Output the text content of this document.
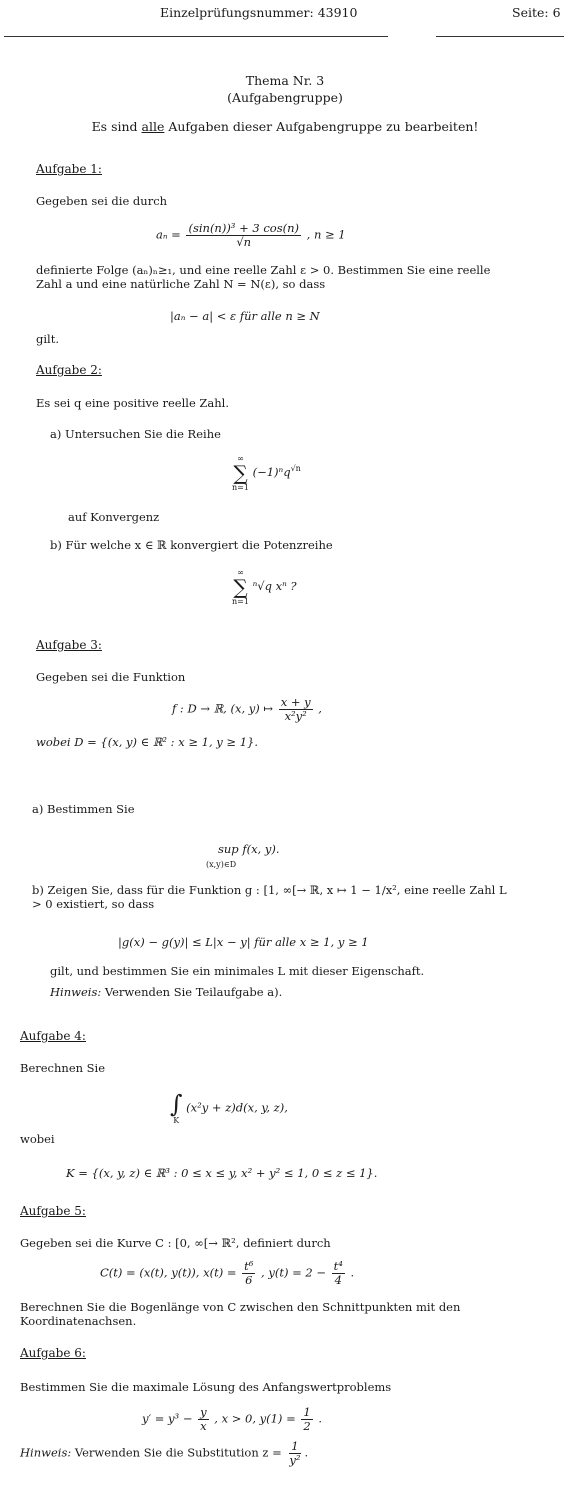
Einzelprüfungsnummer: 43910	Seite: 6
Thema Nr. 3
(Aufgabengruppe)
Es sind alle Aufgaben dieser Aufgabengruppe zu bearbeiten!
Aufgabe 1:
Gegeben sei die durch
$a_n = \frac{\text{(sin(n))³ + 3 cos(n)}}{√n}$ , n ≥ 1
definierte Folge (aₙ)ₙ≥₁, und eine reelle Zahl ε > 0. Bestimmen Sie eine reelle Zahl a und eine natürliche Zahl N = N(ε), so dass
|aₙ − a| < ε für alle n ≥ N
gilt.
Aufgabe 2:
Es sei q eine positive reelle Zahl.
a) Untersuchen Sie die Reihe
∞
∑
n=1
(−1)ⁿq$^{√n}$
auf Konvergenz
b) Für welche x ∈ ℝ konvergiert die Potenzreihe
∞
∑
n=1
ⁿ√q xⁿ ?
Aufgabe 3:
Gegeben sei die Funktion
f : D → ℝ, (x, y) ↦ $\frac{x + y}{\text{x²y²}}$ ,
wobei D = {(x, y) ∈ ℝ² : x ≥ 1, y ≥ 1}.
a) Bestimmen Sie
sup f(x, y).
(x,y)∈D
b) Zeigen Sie, dass für die Funktion g : [1, ∞[→ ℝ, x ↦ 1 − 1/x², eine reelle Zahl L > 0 existiert, so dass
|g(x) − g(y)| ≤ L|x − y| für alle x ≥ 1, y ≥ 1
gilt, und bestimmen Sie ein minimales L mit dieser Eigenschaft.
Hinweis: Verwenden Sie Teilaufgabe a).
Aufgabe 4:
Berechnen Sie
∫
K
(x²y + z)d(x, y, z),
wobei
K = {(x, y, z) ∈ ℝ³ : 0 ≤ x ≤ y, x² + y² ≤ 1, 0 ≤ z ≤ 1}.
Aufgabe 5:
Gegeben sei die Kurve C : [0, ∞[→ ℝ², definiert durch
C(t) = (x(t), y(t)), $x(t) = \frac{\text{t⁶}}{6}$ , $y(t) = 2 - \frac{\text{t⁴}}{4}$ .
Berechnen Sie die Bogenlänge von C zwischen den Schnittpunkten mit den Koordinatenachsen.
Aufgabe 6:
Bestimmen Sie die maximale Lösung des Anfangswertproblems
$y' = y^3 - \frac{y}{x}$ , x > 0, $y(1) = \frac{1}{2}$ .
Hinweis: Verwenden Sie die Substitution $z = \frac{1}{\text{y²}}$ .
